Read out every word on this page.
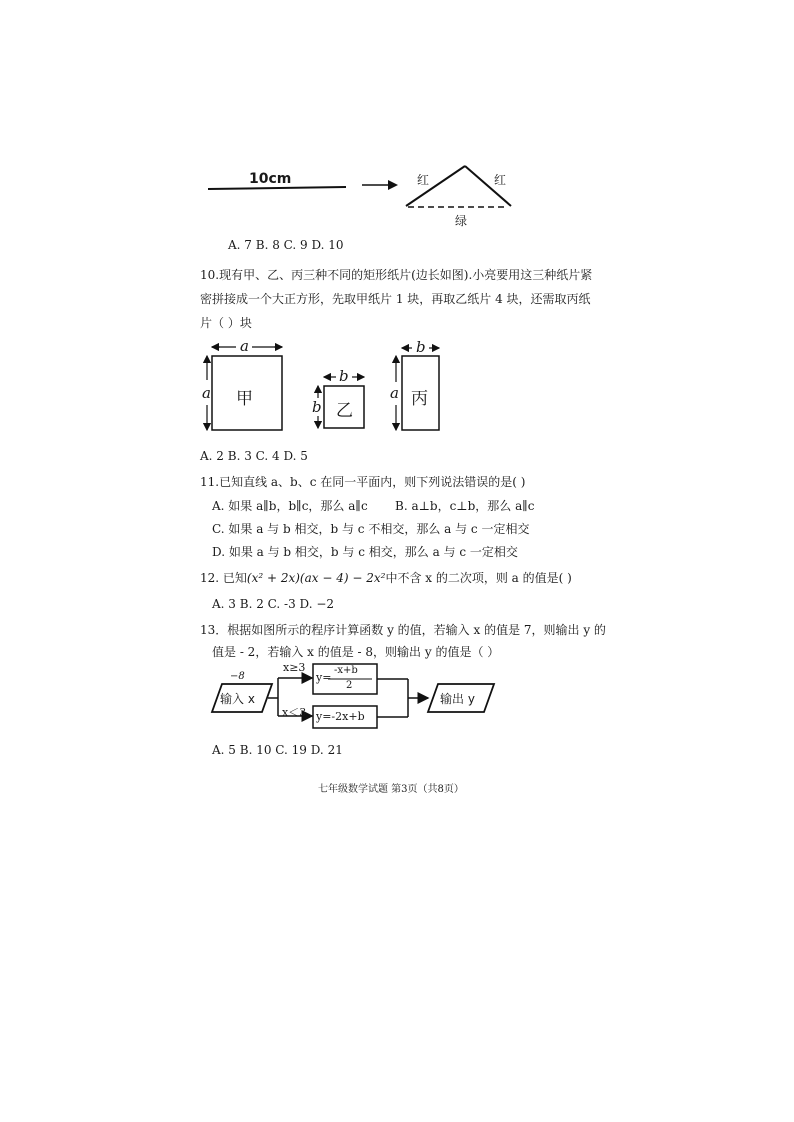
10cm	红	红
绿
A. 7 B. 8 C. 9 D. 10
10.现有甲、乙、丙三种不同的矩形纸片(边长如图).小亮要用这三种纸片紧
密拼接成一个大正方形，先取甲纸片 1 块，再取乙纸片 4 块，还需取丙纸
片（ ）块
a
a 甲
b
b 乙
b
a 丙
A. 2 B. 3 C. 4 D. 5
11.已知直线 a、b、c 在同一平面内，则下列说法错误的是( )
A. 如果 a∥b，b∥c，那么 a∥c B. a⊥b，c⊥b，那么 a∥c
C. 如果 a 与 b 相交，b 与 c 不相交，那么 a 与 c 一定相交
D. 如果 a 与 b 相交，b 与 c 相交，那么 a 与 c 一定相交
12. 已知(x² + 2x)(ax − 4) − 2x²中不含 x 的二次项，则 a 的值是( )
A. 3 B. 2 C. -3 D. −2
13．根据如图所示的程序计算函数 y 的值，若输入 x 的值是 7，则输出 y 的
值是 - 2，若输入 x 的值是 - 8，则输出 y 的值是（ ）
输入 x
−8
x≥3
x＜3
y=
-x+b
2
y=-2x+b
输出 y
A. 5 B. 10 C. 19 D. 21
七年级数学试题 第3页（共8页）
